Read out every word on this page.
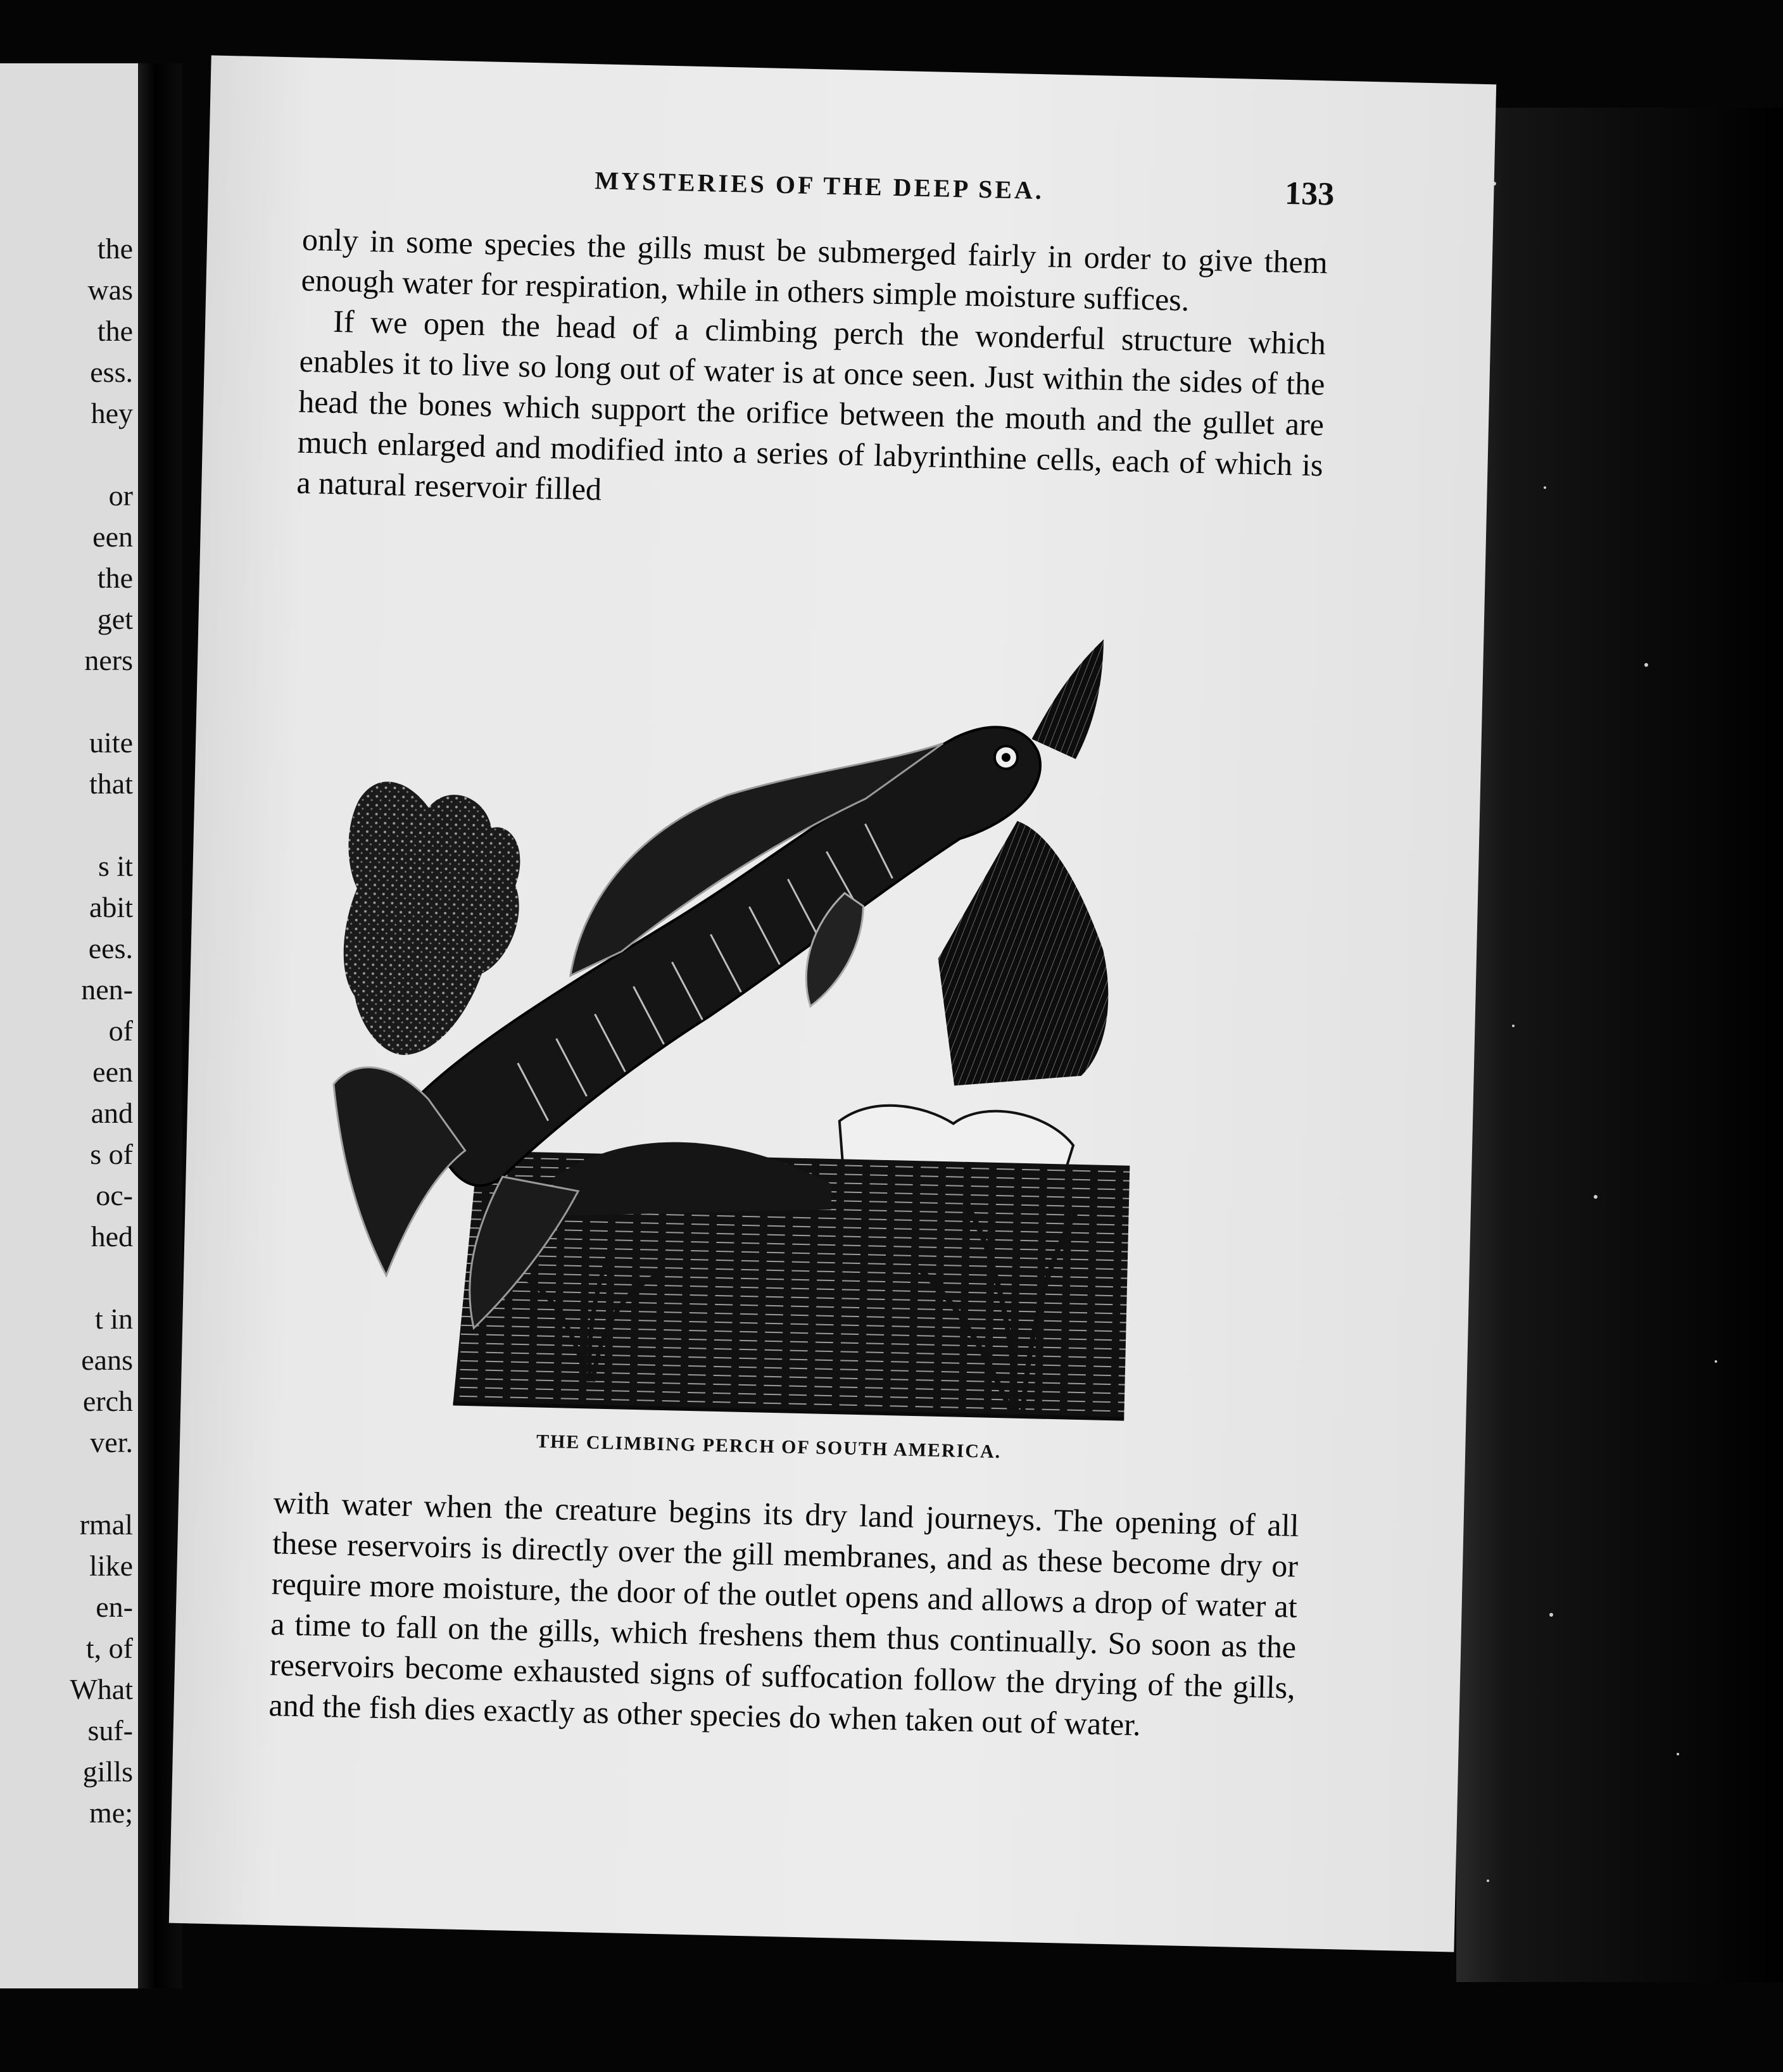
the
was
the
ess.
hey
or
een
the
get
ners
uite
that
s it
abit
ees.
nen-
of
een
and
s of
oc-
hed
t in
eans
erch
ver.
rmal
like
en-
t, of
What
suf-
gills
me;
MYSTERIES OF THE DEEP SEA.	133

only in some species the gills must be submerged fairly in order to give them enough water for respiration, while in others simple moisture suffices.

If we open the head of a climbing perch the wonderful structure which enables it to live so long out of water is at once seen. Just within the sides of the head the bones which support the orifice between the mouth and the gullet are much enlarged and modified into a series of labyrinthine cells, each of which is a natural reservoir filled

THE CLIMBING PERCH OF SOUTH AMERICA.
with water when the creature begins its dry land journeys. The opening of all these reservoirs is directly over the gill membranes, and as these become dry or require more moisture, the door of the outlet opens and allows a drop of water at a time to fall on the gills, which freshens them thus continually. So soon as the reservoirs become exhausted signs of suffocation follow the drying of the gills, and the fish dies exactly as other species do when taken out of water.
